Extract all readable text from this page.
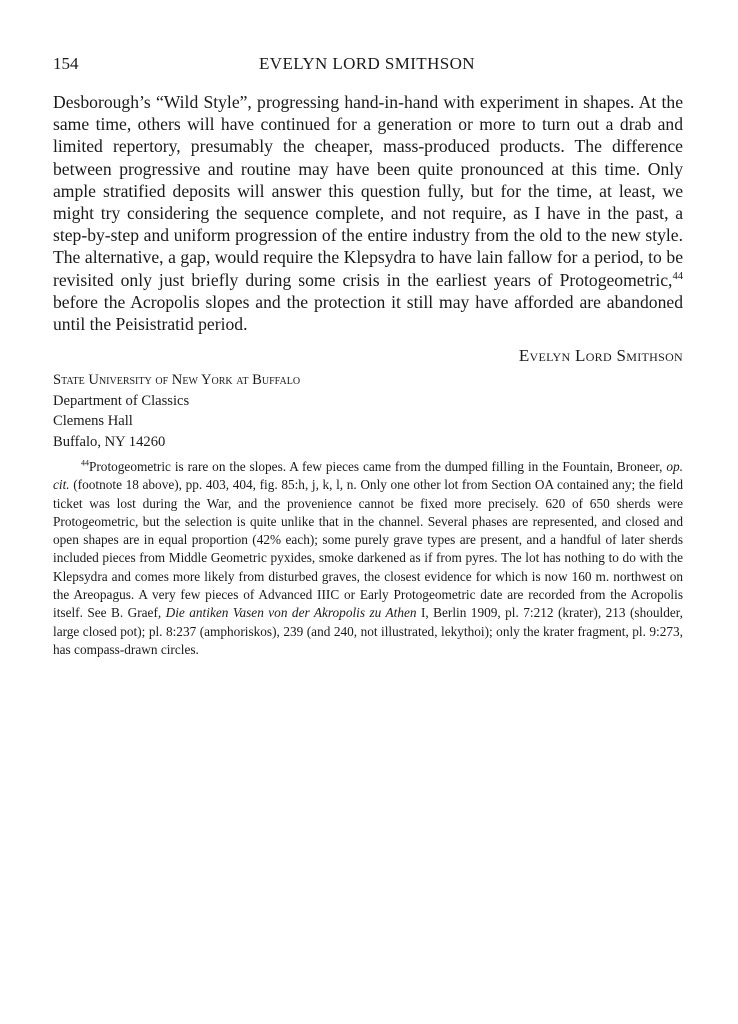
154	EVELYN LORD SMITHSON

Desborough’s “Wild Style”, progressing hand-in-hand with experiment in shapes. At the same time, others will have continued for a generation or more to turn out a drab and limited repertory, presumably the cheaper, mass-produced products. The difference between progressive and routine may have been quite pronounced at this time. Only ample stratified deposits will answer this question fully, but for the time, at least, we might try considering the sequence complete, and not require, as I have in the past, a step-by-step and uniform progression of the entire industry from the old to the new style. The alternative, a gap, would require the Klepsydra to have lain fallow for a period, to be revisited only just briefly during some crisis in the earliest years of Protogeometric,$^{44}$ before the Acropolis slopes and the protection it still may have afforded are abandoned until the Peisistratid period.

Evelyn Lord Smithson
State University of New York at Buffalo
Department of Classics
Clemens Hall
Buffalo, NY 14260

$^{44}$Protogeometric is rare on the slopes. A few pieces came from the dumped filling in the Fountain, Broneer, op. cit. (footnote 18 above), pp. 403, 404, fig. 85:h, j, k, l, n. Only one other lot from Section OA contained any; the field ticket was lost during the War, and the provenience cannot be fixed more precisely. 620 of 650 sherds were Protogeometric, but the selection is quite unlike that in the channel. Several phases are represented, and closed and open shapes are in equal proportion (42% each); some purely grave types are present, and a handful of later sherds included pieces from Middle Geometric pyxides, smoke darkened as if from pyres. The lot has nothing to do with the Klepsydra and comes more likely from disturbed graves, the closest evidence for which is now 160 m. northwest on the Areopagus. A very few pieces of Advanced IIIC or Early Protogeometric date are recorded from the Acropolis itself. See B. Graef, Die antiken Vasen von der Akropolis zu Athen I, Berlin 1909, pl. 7:212 (krater), 213 (shoulder, large closed pot); pl. 8:237 (amphoriskos), 239 (and 240, not illustrated, lekythoi); only the krater fragment, pl. 9:273, has compass-drawn circles.
